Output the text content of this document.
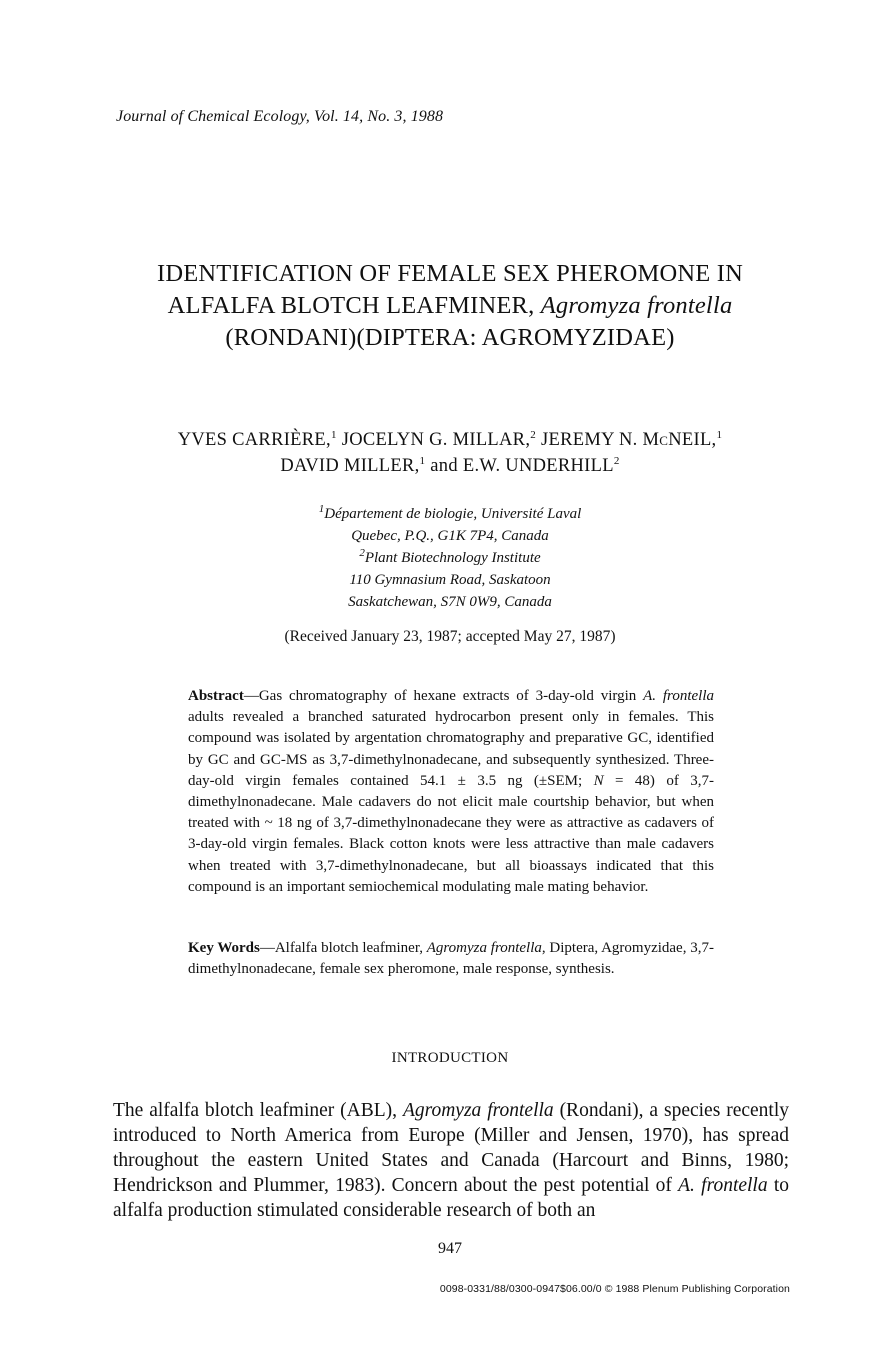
Journal of Chemical Ecology, Vol. 14, No. 3, 1988
IDENTIFICATION OF FEMALE SEX PHEROMONE IN
ALFALFA BLOTCH LEAFMINER, Agromyza frontella
(RONDANI)(DIPTERA: AGROMYZIDAE)
YVES CARRIÈRE,$^1$ JOCELYN G. MILLAR,$^2$ JEREMY N. McNEIL,$^1$
DAVID MILLER,$^1$ and E.W. UNDERHILL$^2$
$^1$Département de biologie, Université Laval
Quebec, P.Q., G1K 7P4, Canada
$^2$Plant Biotechnology Institute
110 Gymnasium Road, Saskatoon
Saskatchewan, S7N 0W9, Canada
(Received January 23, 1987; accepted May 27, 1987)
Abstract—Gas chromatography of hexane extracts of 3-day-old virgin A. frontella adults revealed a branched saturated hydrocarbon present only in females. This compound was isolated by argentation chromatography and preparative GC, identified by GC and GC-MS as 3,7-dimethylnonadecane, and subsequently synthesized. Three-day-old virgin females contained 54.1 ± 3.5 ng (±SEM; N = 48) of 3,7-dimethylnonadecane. Male cadavers do not elicit male courtship behavior, but when treated with ~ 18 ng of 3,7-dimethylnonadecane they were as attractive as cadavers of 3-day-old virgin females. Black cotton knots were less attractive than male cadavers when treated with 3,7-dimethylnonadecane, but all bioassays indicated that this compound is an important semiochemical modulating male mating behavior.
Key Words—Alfalfa blotch leafminer, Agromyza frontella, Diptera, Agromyzidae, 3,7-dimethylnonadecane, female sex pheromone, male response, synthesis.
INTRODUCTION
The alfalfa blotch leafminer (ABL), Agromyza frontella (Rondani), a species recently introduced to North America from Europe (Miller and Jensen, 1970), has spread throughout the eastern United States and Canada (Harcourt and Binns, 1980; Hendrickson and Plummer, 1983). Concern about the pest potential of A. frontella to alfalfa production stimulated considerable research of both an
947
0098-0331/88/0300-0947$06.00/0 © 1988 Plenum Publishing Corporation
